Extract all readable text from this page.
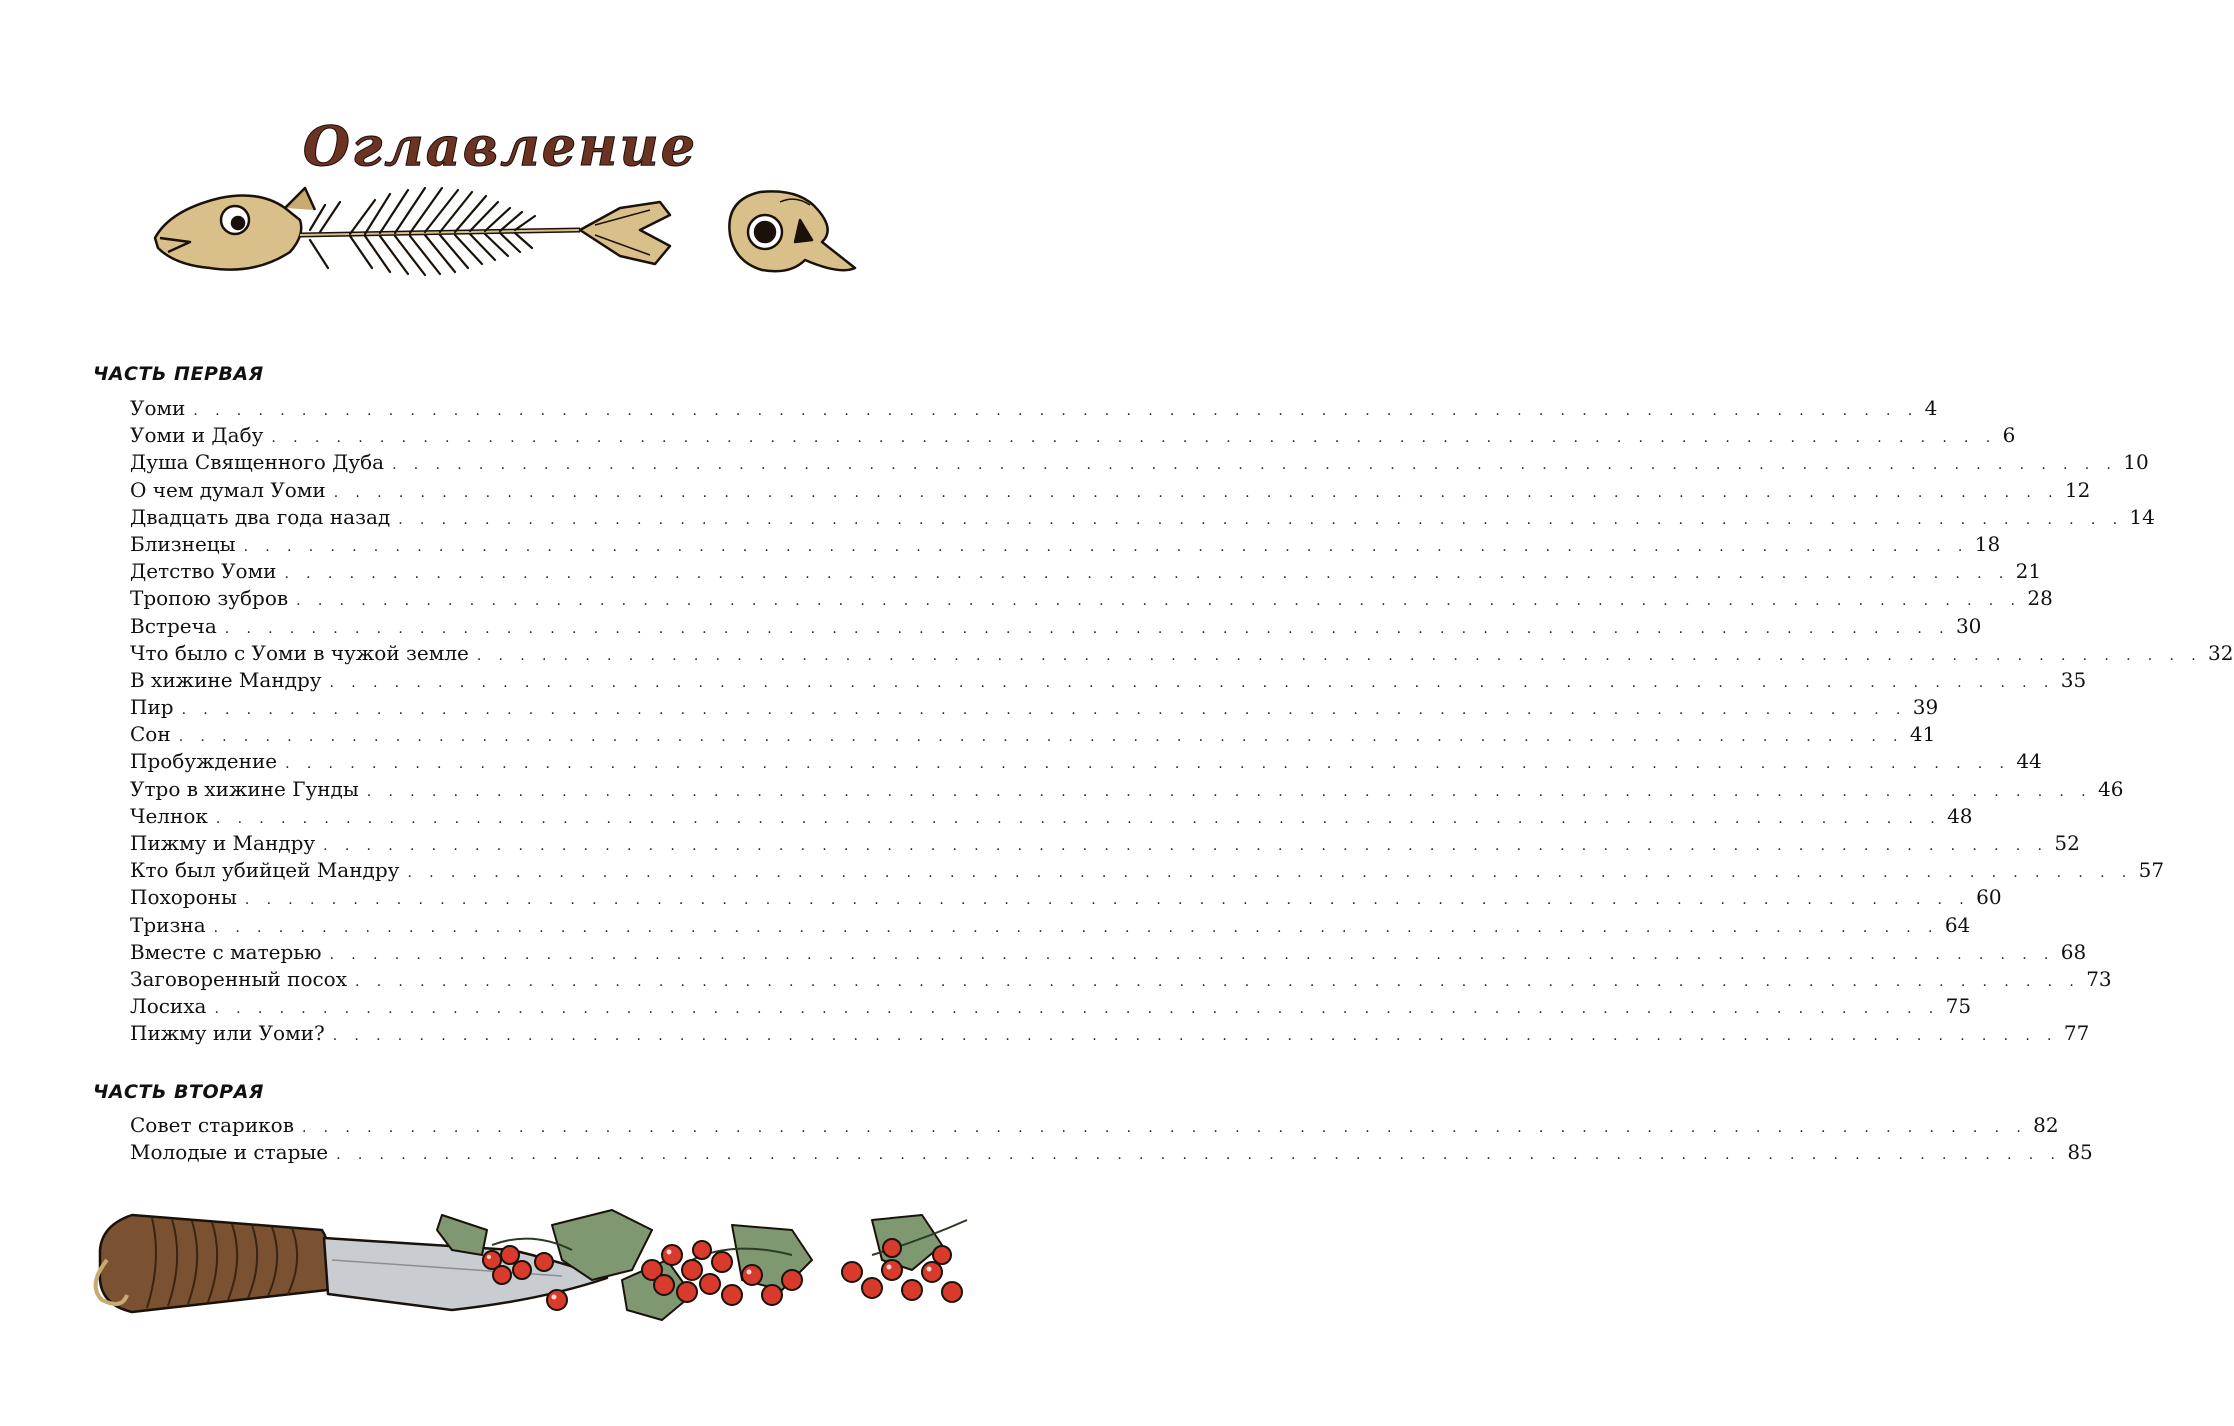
Оглавление
ЧАСТЬ ПЕРВАЯ
Уоми . . . . . . . . . . . . . . . . . . . . . . . . . . . . . . . . . . . . . . . . . . . . . . . . . . . . . . . . . . . . . . . . . . . . . . . . . . . . . . . . 4
Уоми и Дабу . . . . . . . . . . . . . . . . . . . . . . . . . . . . . . . . . . . . . . . . . . . . . . . . . . . . . . . . . . . . . . . . . . . . . . . . . . . . . . . . 6
Душа Священного Дуба . . . . . . . . . . . . . . . . . . . . . . . . . . . . . . . . . . . . . . . . . . . . . . . . . . . . . . . . . . . . . . . . . . . . . . . . . . . . . . . . 10
О чем думал Уоми . . . . . . . . . . . . . . . . . . . . . . . . . . . . . . . . . . . . . . . . . . . . . . . . . . . . . . . . . . . . . . . . . . . . . . . . . . . . . . . . 12
Двадцать два года назад . . . . . . . . . . . . . . . . . . . . . . . . . . . . . . . . . . . . . . . . . . . . . . . . . . . . . . . . . . . . . . . . . . . . . . . . . . . . . . . . 14
Близнецы . . . . . . . . . . . . . . . . . . . . . . . . . . . . . . . . . . . . . . . . . . . . . . . . . . . . . . . . . . . . . . . . . . . . . . . . . . . . . . . . 18
Детство Уоми . . . . . . . . . . . . . . . . . . . . . . . . . . . . . . . . . . . . . . . . . . . . . . . . . . . . . . . . . . . . . . . . . . . . . . . . . . . . . . . . 21
Тропою зубров . . . . . . . . . . . . . . . . . . . . . . . . . . . . . . . . . . . . . . . . . . . . . . . . . . . . . . . . . . . . . . . . . . . . . . . . . . . . . . . . 28
Встреча . . . . . . . . . . . . . . . . . . . . . . . . . . . . . . . . . . . . . . . . . . . . . . . . . . . . . . . . . . . . . . . . . . . . . . . . . . . . . . . . 30
Что было с Уоми в чужой земле . . . . . . . . . . . . . . . . . . . . . . . . . . . . . . . . . . . . . . . . . . . . . . . . . . . . . . . . . . . . . . . . . . . . . . . . . . . . . . . . 32
В хижине Мандру . . . . . . . . . . . . . . . . . . . . . . . . . . . . . . . . . . . . . . . . . . . . . . . . . . . . . . . . . . . . . . . . . . . . . . . . . . . . . . . . 35
Пир . . . . . . . . . . . . . . . . . . . . . . . . . . . . . . . . . . . . . . . . . . . . . . . . . . . . . . . . . . . . . . . . . . . . . . . . . . . . . . . . 39
Сон . . . . . . . . . . . . . . . . . . . . . . . . . . . . . . . . . . . . . . . . . . . . . . . . . . . . . . . . . . . . . . . . . . . . . . . . . . . . . . . . 41
Пробуждение . . . . . . . . . . . . . . . . . . . . . . . . . . . . . . . . . . . . . . . . . . . . . . . . . . . . . . . . . . . . . . . . . . . . . . . . . . . . . . . . 44
Утро в хижине Гунды . . . . . . . . . . . . . . . . . . . . . . . . . . . . . . . . . . . . . . . . . . . . . . . . . . . . . . . . . . . . . . . . . . . . . . . . . . . . . . . . 46
Челнок . . . . . . . . . . . . . . . . . . . . . . . . . . . . . . . . . . . . . . . . . . . . . . . . . . . . . . . . . . . . . . . . . . . . . . . . . . . . . . . . 48
Пижму и Мандру . . . . . . . . . . . . . . . . . . . . . . . . . . . . . . . . . . . . . . . . . . . . . . . . . . . . . . . . . . . . . . . . . . . . . . . . . . . . . . . . 52
Кто был убийцей Мандру . . . . . . . . . . . . . . . . . . . . . . . . . . . . . . . . . . . . . . . . . . . . . . . . . . . . . . . . . . . . . . . . . . . . . . . . . . . . . . . . 57
Похороны . . . . . . . . . . . . . . . . . . . . . . . . . . . . . . . . . . . . . . . . . . . . . . . . . . . . . . . . . . . . . . . . . . . . . . . . . . . . . . . . 60
Тризна . . . . . . . . . . . . . . . . . . . . . . . . . . . . . . . . . . . . . . . . . . . . . . . . . . . . . . . . . . . . . . . . . . . . . . . . . . . . . . . . 64
Вместе с матерью . . . . . . . . . . . . . . . . . . . . . . . . . . . . . . . . . . . . . . . . . . . . . . . . . . . . . . . . . . . . . . . . . . . . . . . . . . . . . . . . 68
Заговоренный посох . . . . . . . . . . . . . . . . . . . . . . . . . . . . . . . . . . . . . . . . . . . . . . . . . . . . . . . . . . . . . . . . . . . . . . . . . . . . . . . . 73
Лосиха . . . . . . . . . . . . . . . . . . . . . . . . . . . . . . . . . . . . . . . . . . . . . . . . . . . . . . . . . . . . . . . . . . . . . . . . . . . . . . . . 75
Пижму или Уоми? . . . . . . . . . . . . . . . . . . . . . . . . . . . . . . . . . . . . . . . . . . . . . . . . . . . . . . . . . . . . . . . . . . . . . . . . . . . . . . . . 77
ЧАСТЬ ВТОРАЯ
Совет стариков . . . . . . . . . . . . . . . . . . . . . . . . . . . . . . . . . . . . . . . . . . . . . . . . . . . . . . . . . . . . . . . . . . . . . . . . . . . . . . . . 82
Молодые и старые . . . . . . . . . . . . . . . . . . . . . . . . . . . . . . . . . . . . . . . . . . . . . . . . . . . . . . . . . . . . . . . . . . . . . . . . . . . . . . . . 85
